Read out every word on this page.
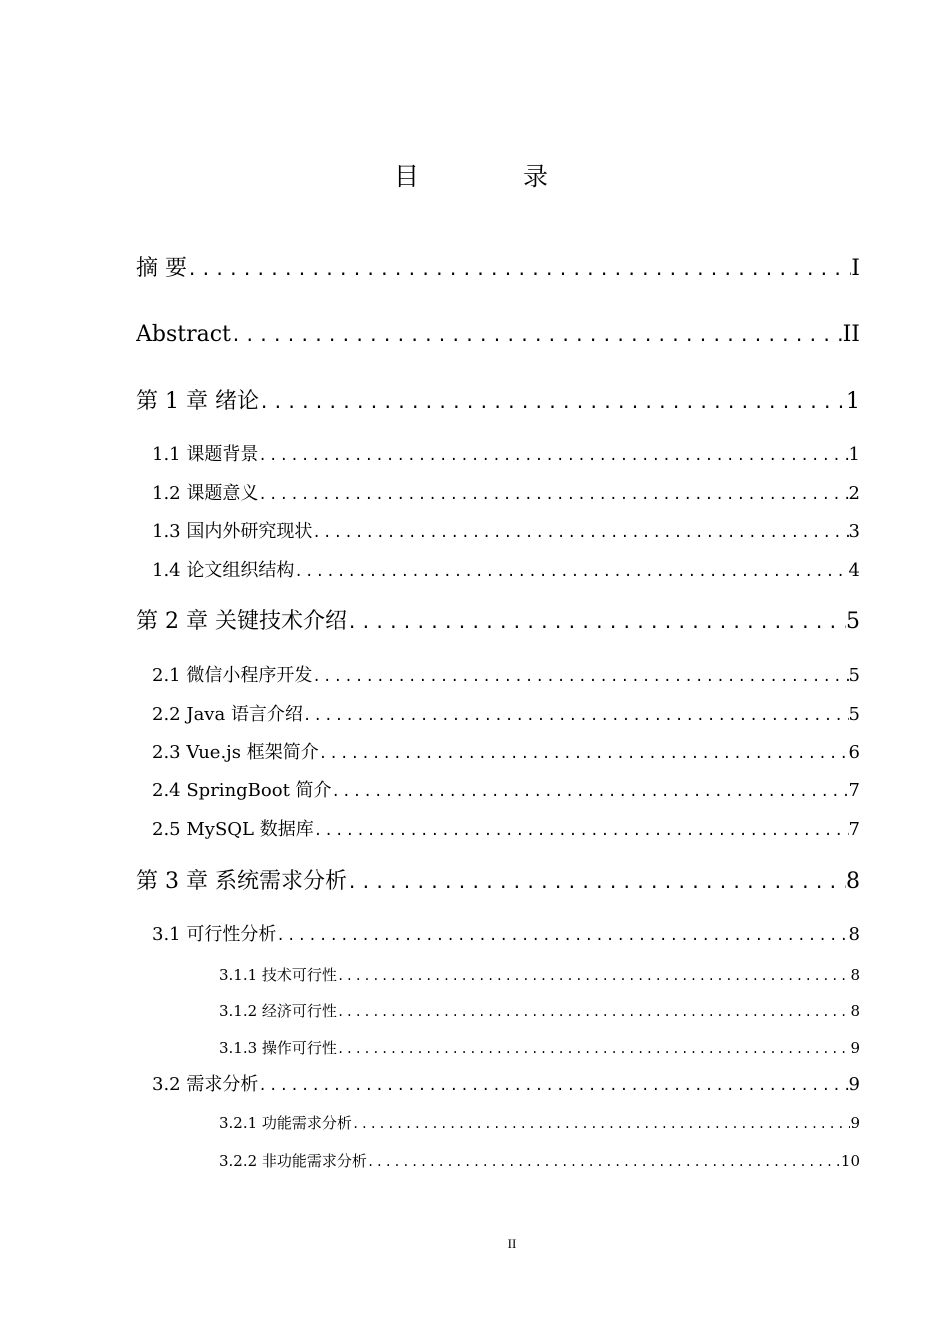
目 录
摘 要 .....	I
Abstract .....	II
第 1 章 绪论 .....	1
1.1 课题背景 .....	1
1.2 课题意义 .....	2
1.3 国内外研究现状 .....	3
1.4 论文组织结构 .....	4
第 2 章 关键技术介绍 .....	5
2.1 微信小程序开发 .....	5
2.2 Java 语言介绍 .....	5
2.3 Vue.js 框架简介 .....	6
2.4 SpringBoot 简介 .....	7
2.5 MySQL 数据库 .....	7
第 3 章 系统需求分析 .....	8
3.1 可行性分析 .....	8
3.1.1 技术可行性 .....	8
3.1.2 经济可行性 .....	8
3.1.3 操作可行性 .....	9
3.2 需求分析 .....	9
3.2.1 功能需求分析 .....	9
3.2.2 非功能需求分析 .....	10
II
